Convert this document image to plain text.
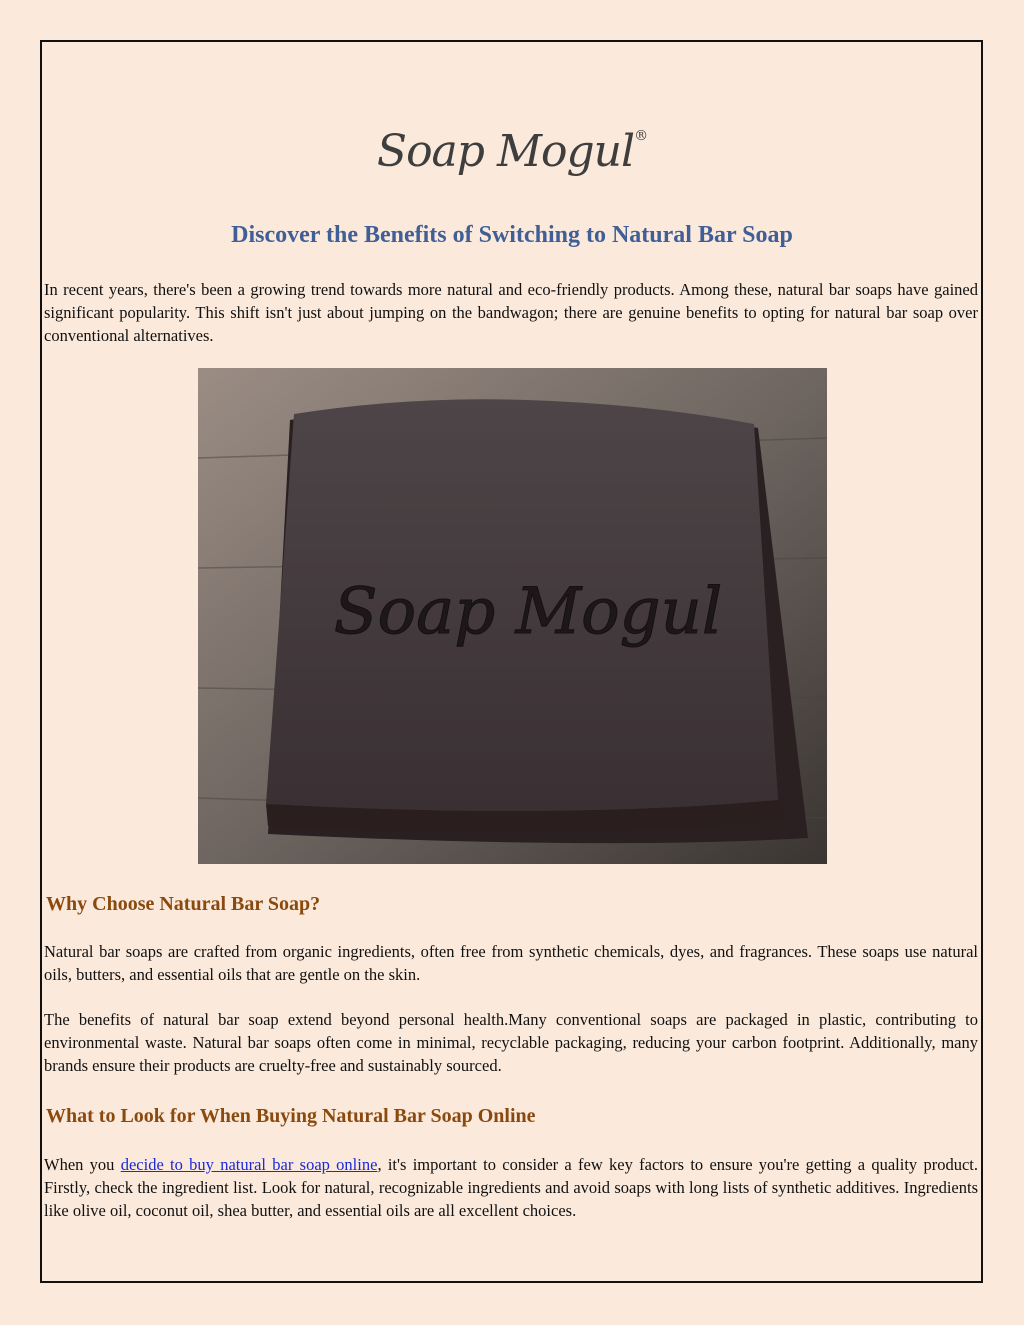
Soap Mogul®
Discover the Benefits of Switching to Natural Bar Soap

In recent years, there's been a growing trend towards more natural and eco-friendly products. Among these, natural bar soaps have gained significant popularity. This shift isn't just about jumping on the bandwagon; there are genuine benefits to opting for natural bar soap over conventional alternatives.

Soap Mogul
Why Choose Natural Bar Soap?

Natural bar soaps are crafted from organic ingredients, often free from synthetic chemicals, dyes, and fragrances. These soaps use natural oils, butters, and essential oils that are gentle on the skin.

The benefits of natural bar soap extend beyond personal health.Many conventional soaps are packaged in plastic, contributing to environmental waste. Natural bar soaps often come in minimal, recyclable packaging, reducing your carbon footprint. Additionally, many brands ensure their products are cruelty-free and sustainably sourced.

What to Look for When Buying Natural Bar Soap Online

When you decide to buy natural bar soap online, it's important to consider a few key factors to ensure you're getting a quality product. Firstly, check the ingredient list. Look for natural, recognizable ingredients and avoid soaps with long lists of synthetic additives. Ingredients like olive oil, coconut oil, shea butter, and essential oils are all excellent choices.
